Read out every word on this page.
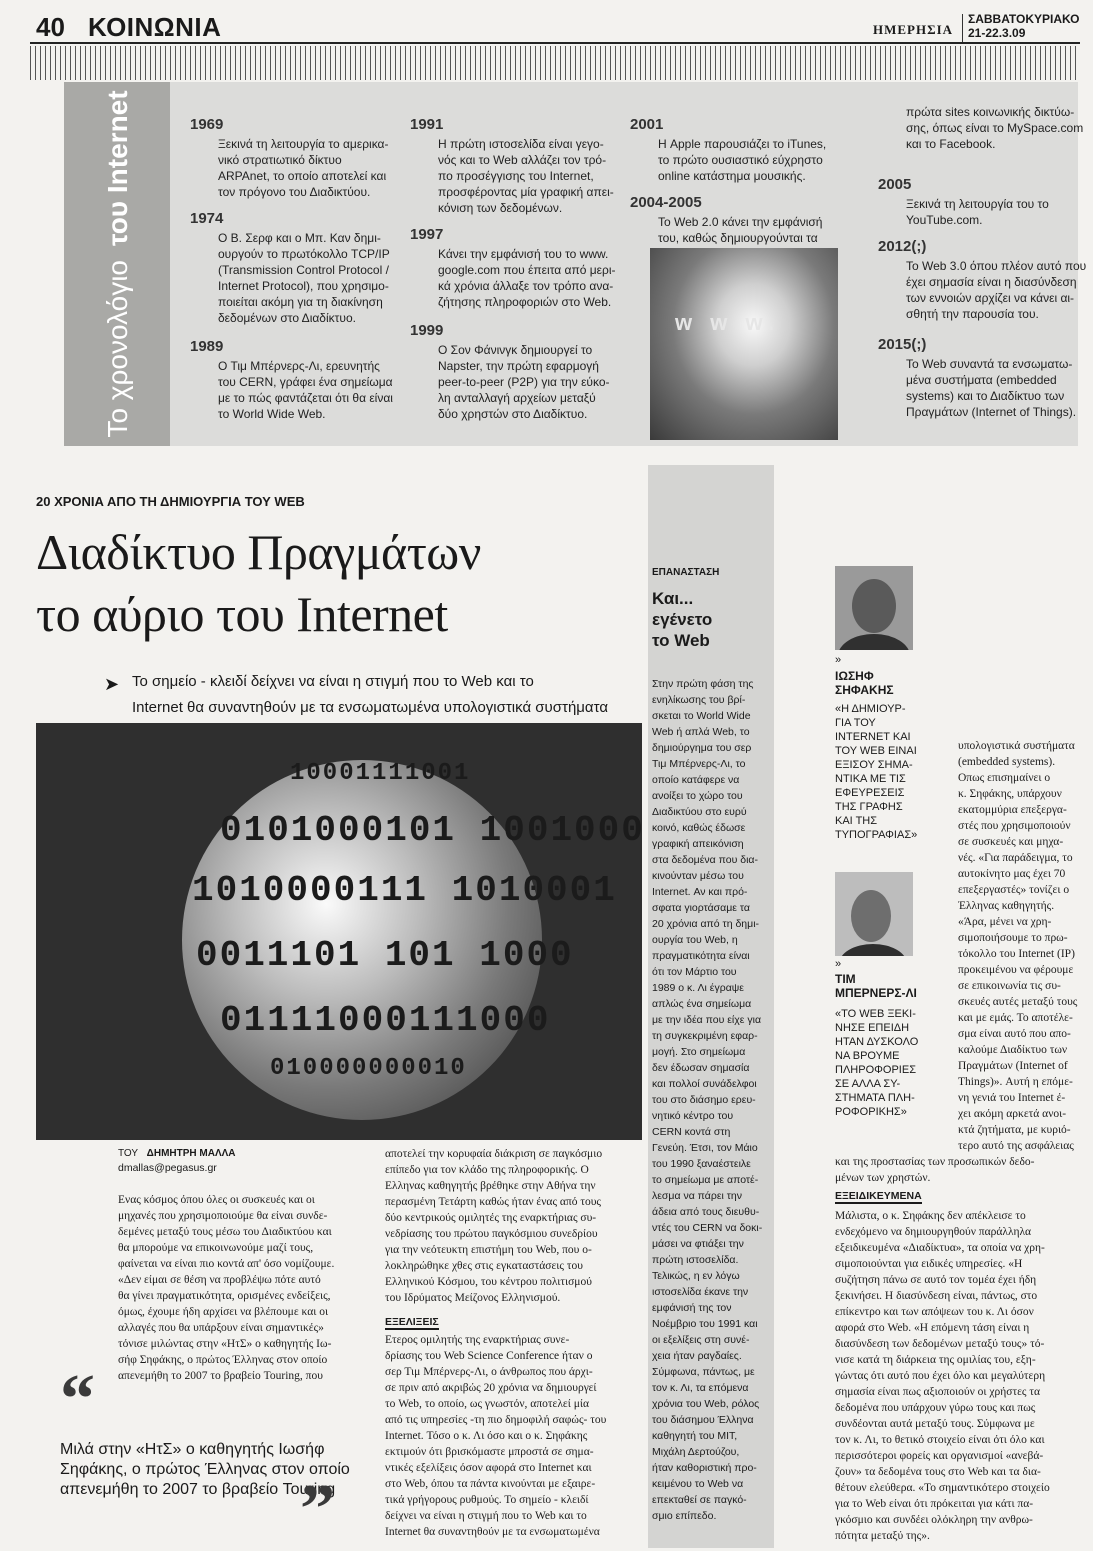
40 ΚΟΙΝΩΝΙΑ	ΗΜΕΡΗΣΙΑ
ΣΑΒΒΑΤΟΚΥΡΙΑΚΟ
21-22.3.09
Το χρονολόγιοτου Internet	1969
Ξεκινά τη λειτουργία το αμερικα-
νικό στρατιωτικό δίκτυο
ARPAnet, το οποίο αποτελεί και
τον πρόγονο του Διαδικτύου.
1974
Ο Β. Σερφ και ο Μπ. Καν δημι-
ουργούν το πρωτόκολλο TCP/IP
(Transmission Control Protocol /
Internet Protocol), που χρησιμο-
ποιείται ακόμη για τη διακίνηση
δεδομένων στο Διαδίκτυο.
1989
Ο Τιμ Μπέρνερς-Λι, ερευνητής
του CERN, γράφει ένα σημείωμα
με το πώς φαντάζεται ότι θα είναι
το World Wide Web.
1991
Η πρώτη ιστοσελίδα είναι γεγο-
νός και το Web αλλάζει τον τρό-
πο προσέγγισης του Internet,
προσφέροντας μία γραφική απει-
κόνιση των δεδομένων.
1997
Κάνει την εμφάνισή του το www.
google.com που έπειτα από μερι-
κά χρόνια άλλαξε τον τρόπο ανα-
ζήτησης πληροφοριών στο Web.
1999
Ο Σον Φάνινγκ δημιουργεί το
Napster, την πρώτη εφαρμογή
peer-to-peer (P2P) για την εύκο-
λη ανταλλαγή αρχείων μεταξύ
δύο χρηστών στο Διαδίκτυο.
2001
Η Apple παρουσιάζει το iTunes,
το πρώτο ουσιαστικό εύχρηστο
online κατάστημα μουσικής.
2004-2005
Το Web 2.0 κάνει την εμφάνισή
του, καθώς δημιουργούνται τα
πρώτα sites κοινωνικής δικτύω-
σης, όπως είναι το MySpace.com
και το Facebook.
2005
Ξεκινά τη λειτουργία του το
YouTube.com.
2012(;)
Το Web 3.0 όπου πλέον αυτό που
έχει σημασία είναι η διασύνδεση
των εννοιών αρχίζει να κάνει αι-
σθητή την παρουσία του.
2015(;)
Το Web συναντά τα ενσωματω-
μένα συστήματα (embedded
systems) και το Διαδίκτυο των
Πραγμάτων (Internet of Things).
w w w.
20 ΧΡΟΝΙΑ ΑΠΟ ΤΗ ΔΗΜΙΟΥΡΓΙΑ ΤΟΥ WEB
Διαδίκτυο Πραγμάτων
το αύριο του Internet
➤ Το σημείο - κλειδί δείχνει να είναι η στιγμή που το Web και το
Internet θα συναντηθούν με τα ενσωματωμένα υπολογιστικά συστήματα
10001111001
0101000101 1001000
1010000111 1010001
0011101 101 1000
01111000111000
010000000010
ΤΟΥ ΔΗΜΗΤΡΗ ΜΑΛΛΑ
dmallas@pegasus.gr
Ενας κόσμος όπου όλες οι συσκευές και οι
μηχανές που χρησιμοποιούμε θα είναι συνδε-
δεμένες μεταξύ τους μέσω του Διαδικτύου και
θα μπορούμε να επικοινωνούμε μαζί τους,
φαίνεται να είναι πιο κοντά απ' όσο νομίζουμε.
«Δεν είμαι σε θέση να προβλέψω πότε αυτό
θα γίνει πραγματικότητα, ορισμένες ενδείξεις,
όμως, έχουμε ήδη αρχίσει να βλέπουμε και οι
αλλαγές που θα υπάρξουν είναι σημαντικές»
τόνισε μιλώντας στην «ΗτΣ» ο καθηγητής Ιω-
σήφ Σηφάκης, ο πρώτος Έλληνας στον οποίο
απενεμήθη το 2007 το βραβείο Touring, που
αποτελεί την κορυφαία διάκριση σε παγκόσμιο
επίπεδο για τον κλάδο της πληροφορικής. Ο
Ελληνας καθηγητής βρέθηκε στην Αθήνα την
περασμένη Τετάρτη καθώς ήταν ένας από τους
δύο κεντρικούς ομιλητές της εναρκτήριας συ-
νεδρίασης του πρώτου παγκόσμιου συνεδρίου
για την νεότευκτη επιστήμη του Web, που ο-
λοκληρώθηκε χθες στις εγκαταστάσεις του
Ελληνικού Κόσμου, του κέντρου πολιτισμού
του Ιδρύματος Μείζονος Ελληνισμού.
ΕΞΕΛΙΞΕΙΣ
Ετερος ομιλητής της εναρκτήριας συνε-
δρίασης του Web Science Conference ήταν ο
σερ Τιμ Μπέρνερς-Λι, ο άνθρωπος που άρχι-
σε πριν από ακριβώς 20 χρόνια να δημιουργεί
το Web, το οποίο, ως γνωστόν, αποτελεί μία
από τις υπηρεσίες -τη πιο δημοφιλή σαφώς- του
Internet. Τόσο ο κ. Λι όσο και ο κ. Σηφάκης
εκτιμούν ότι βρισκόμαστε μπροστά σε σημα-
ντικές εξελίξεις όσον αφορά στο Internet και
στο Web, όπου τα πάντα κινούνται με εξαιρε-
τικά γρήγορους ρυθμούς. Το σημείο - κλειδί
δείχνει να είναι η στιγμή που το Web και το
Internet θα συναντηθούν με τα ενσωματωμένα
“
Μιλά στην «ΗτΣ» ο καθηγητής Ιωσήφ
Σηφάκης, ο πρώτος Έλληνας στον οποίο
απενεμήθη το 2007 το βραβείο Touring
”
ΕΠΑΝΑΣΤΑΣΗ
Και...
εγένετο
το Web
Στην πρώτη φάση της
ενηλίκωσης του βρί-
σκεται το World Wide
Web ή απλά Web, το
δημιούργημα του σερ
Τιμ Μπέρνερς-Λι, το
οποίο κατάφερε να
ανοίξει το χώρο του
Διαδικτύου στο ευρύ
κοινό, καθώς έδωσε
γραφική απεικόνιση
στα δεδομένα που δια-
κινούνταν μέσω του
Internet. Αν και πρό-
σφατα γιορτάσαμε τα
20 χρόνια από τη δημι-
ουργία του Web, η
πραγματικότητα είναι
ότι τον Μάρτιο του
1989 ο κ. Λι έγραψε
απλώς ένα σημείωμα
με την ιδέα που είχε για
τη συγκεκριμένη εφαρ-
μογή. Στο σημείωμα
δεν έδωσαν σημασία
και πολλοί συνάδελφοι
του στο διάσημο ερευ-
νητικό κέντρο του
CERN κοντά στη
Γενεύη. Έτσι, τον Μάιο
του 1990 ξαναέστειλε
το σημείωμα με αποτέ-
λεσμα να πάρει την
άδεια από τους διευθυ-
ντές του CERN να δοκι-
μάσει να φτιάξει την
πρώτη ιστοσελίδα.
Τελικώς, η εν λόγω
ιστοσελίδα έκανε την
εμφάνισή της τον
Νοέμβριο του 1991 και
οι εξελίξεις στη συνέ-
χεια ήταν ραγδαίες.
Σύμφωνα, πάντως, με
τον κ. Λι, τα επόμενα
χρόνια του Web, ρόλος
του διάσημου Έλληνα
καθηγητή του MIT,
Μιχάλη Δερτούζου,
ήταν καθοριστική προ-
κειμένου το Web να
επεκταθεί σε παγκό-
σμιο επίπεδο.
»
ΙΩΣΗΦ
ΣΗΦΑΚΗΣ
«Η ΔΗΜΙΟΥΡ-
ΓΙΑ ΤΟΥ
INTERNET ΚΑΙ
ΤΟΥ WEB ΕΙΝΑΙ
ΕΞΙΣΟΥ ΣΗΜΑ-
ΝΤΙΚΑ ΜΕ ΤΙΣ
ΕΦΕΥΡΕΣΕΙΣ
ΤΗΣ ΓΡΑΦΗΣ
ΚΑΙ ΤΗΣ
ΤΥΠΟΓΡΑΦΙΑΣ»
»
ΤΙΜ
ΜΠΕΡΝΕΡΣ-ΛΙ
«ΤΟ WEB ΞΕΚΙ-
ΝΗΣΕ ΕΠΕΙΔΗ
ΗΤΑΝ ΔΥΣΚΟΛΟ
ΝΑ ΒΡΟΥΜΕ
ΠΛΗΡΟΦΟΡΙΕΣ
ΣΕ ΑΛΛΑ ΣΥ-
ΣΤΗΜΑΤΑ ΠΛΗ-
ΡΟΦΟΡΙΚΗΣ»
υπολογιστικά συστήματα
(embedded systems).
Οπως επισημαίνει ο
κ. Σηφάκης, υπάρχουν
εκατομμύρια επεξεργα-
στές που χρησιμοποιούν
σε συσκευές και μηχα-
νές. «Για παράδειγμα, το
αυτοκίνητο μας έχει 70
επεξεργαστές» τονίζει ο
Έλληνας καθηγητής.
«Άρα, μένει να χρη-
σιμοποιήσουμε το πρω-
τόκολλο του Internet (IP)
προκειμένου να φέρουμε
σε επικοινωνία τις συ-
σκευές αυτές μεταξύ τους
και με εμάς. Το αποτέλε-
σμα είναι αυτό που απο-
καλούμε Διαδίκτυο των
Πραγμάτων (Internet of
Things)». Αυτή η επόμε-
νη γενιά του Internet έ-
χει ακόμη αρκετά ανοι-
κτά ζητήματα, με κυριό-
τερο αυτό της ασφάλειας
και της προστασίας των προσωπικών δεδο-
μένων των χρηστών.
ΕΞΕΙΔΙΚΕΥΜΕΝΑ
Μάλιστα, ο κ. Σηφάκης δεν απέκλεισε το
ενδεχόμενο να δημιουργηθούν παράλληλα
εξειδικευμένα «Διαδίκτυα», τα οποία να χρη-
σιμοποιούνται για ειδικές υπηρεσίες. «Η
συζήτηση πάνω σε αυτό τον τομέα έχει ήδη
ξεκινήσει. Η διασύνδεση είναι, πάντως, στο
επίκεντρο και των απόψεων του κ. Λι όσον
αφορά στο Web. «Η επόμενη τάση είναι η
διασύνδεση των δεδομένων μεταξύ τους» τό-
νισε κατά τη διάρκεια της ομιλίας του, εξη-
γώντας ότι αυτό που έχει όλο και μεγαλύτερη
σημασία είναι πως αξιοποιούν οι χρήστες τα
δεδομένα που υπάρχουν γύρω τους και πως
συνδέονται αυτά μεταξύ τους. Σύμφωνα με
τον κ. Λι, το θετικό στοιχείο είναι ότι όλο και
περισσότεροι φορείς και οργανισμοί «ανεβά-
ζουν» τα δεδομένα τους στο Web και τα δια-
θέτουν ελεύθερα. «Το σημαντικότερο στοιχείο
για το Web είναι ότι πρόκειται για κάτι πα-
γκόσμιο και συνδέει ολόκληρη την ανθρω-
πότητα μεταξύ της».
